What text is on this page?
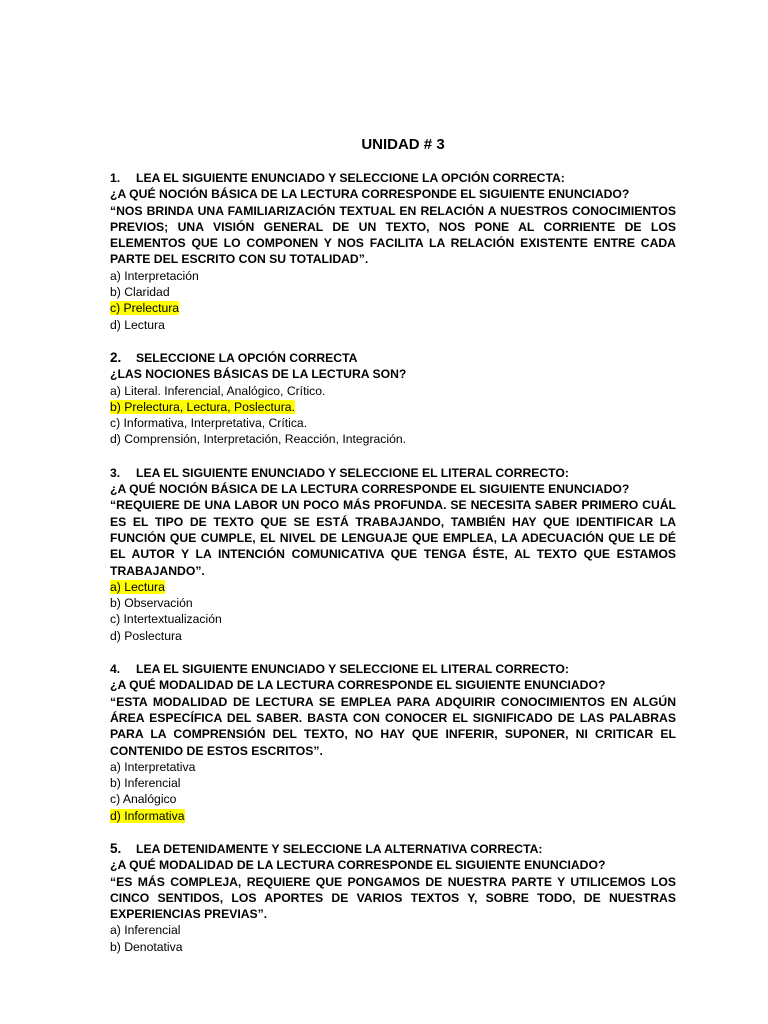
UNIDAD # 3
1. LEA EL SIGUIENTE ENUNCIADO Y SELECCIONE LA OPCIÓN CORRECTA:
¿A QUÉ NOCIÓN BÁSICA DE LA LECTURA CORRESPONDE EL SIGUIENTE ENUNCIADO?
“NOS BRINDA UNA FAMILIARIZACIÓN TEXTUAL EN RELACIÓN A NUESTROS CONOCIMIENTOS PREVIOS; UNA VISIÓN GENERAL DE UN TEXTO, NOS PONE AL CORRIENTE DE LOS ELEMENTOS QUE LO COMPONEN Y NOS FACILITA LA RELACIÓN EXISTENTE ENTRE CADA PARTE DEL ESCRITO CON SU TOTALIDAD”.
a) Interpretación
b) Claridad
c) Prelectura
d) Lectura
2. SELECCIONE LA OPCIÓN CORRECTA
¿LAS NOCIONES BÁSICAS DE LA LECTURA SON?
a) Literal. Inferencial, Analógico, Crítico.
b) Prelectura, Lectura, Poslectura.
c) Informativa, Interpretativa, Crítica.
d) Comprensión, Interpretación, Reacción, Integración.
3. LEA EL SIGUIENTE ENUNCIADO Y SELECCIONE EL LITERAL CORRECTO:
¿A QUÉ NOCIÓN BÁSICA DE LA LECTURA CORRESPONDE EL SIGUIENTE ENUNCIADO?
“REQUIERE DE UNA LABOR UN POCO MÁS PROFUNDA. SE NECESITA SABER PRIMERO CUÁL ES EL TIPO DE TEXTO QUE SE ESTÁ TRABAJANDO, TAMBIÉN HAY QUE IDENTIFICAR LA FUNCIÓN QUE CUMPLE, EL NIVEL DE LENGUAJE QUE EMPLEA, LA ADECUACIÓN QUE LE DÉ EL AUTOR Y LA INTENCIÓN COMUNICATIVA QUE TENGA ÉSTE, AL TEXTO QUE ESTAMOS TRABAJANDO”.
a) Lectura
b) Observación
c) Intertextualización
d) Poslectura
4. LEA EL SIGUIENTE ENUNCIADO Y SELECCIONE EL LITERAL CORRECTO:
¿A QUÉ MODALIDAD DE LA LECTURA CORRESPONDE EL SIGUIENTE ENUNCIADO?
“ESTA MODALIDAD DE LECTURA SE EMPLEA PARA ADQUIRIR CONOCIMIENTOS EN ALGÚN ÁREA ESPECÍFICA DEL SABER. BASTA CON CONOCER EL SIGNIFICADO DE LAS PALABRAS PARA LA COMPRENSIÓN DEL TEXTO, NO HAY QUE INFERIR, SUPONER, NI CRITICAR EL CONTENIDO DE ESTOS ESCRITOS”.
a) Interpretativa
b) Inferencial
c) Analógico
d) Informativa
5. LEA DETENIDAMENTE Y SELECCIONE LA ALTERNATIVA CORRECTA:
¿A QUÉ MODALIDAD DE LA LECTURA CORRESPONDE EL SIGUIENTE ENUNCIADO?
“ES MÁS COMPLEJA, REQUIERE QUE PONGAMOS DE NUESTRA PARTE Y UTILICEMOS LOS CINCO SENTIDOS, LOS APORTES DE VARIOS TEXTOS Y, SOBRE TODO, DE NUESTRAS EXPERIENCIAS PREVIAS”.
a) Inferencial
b) Denotativa
